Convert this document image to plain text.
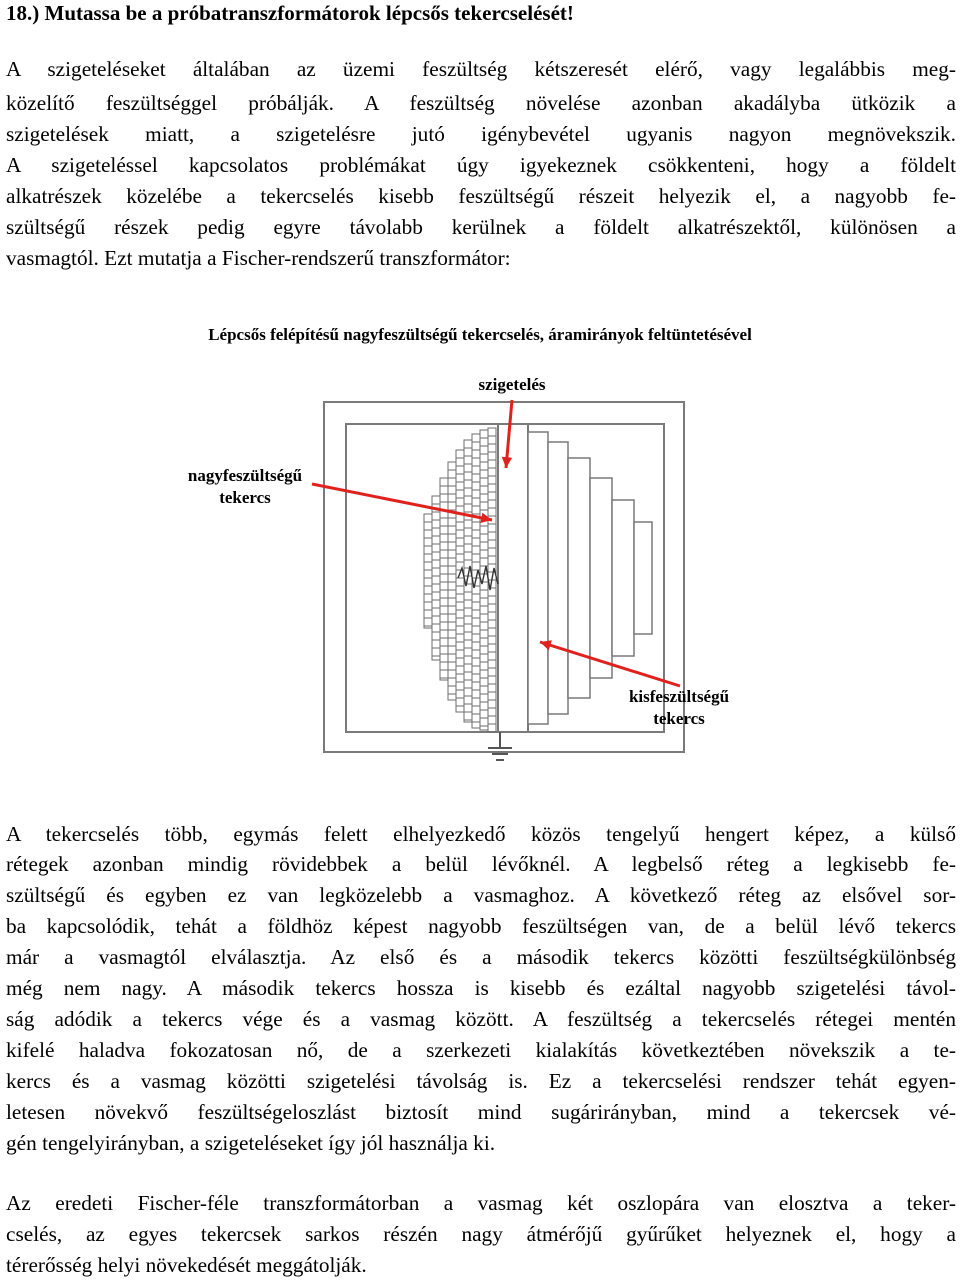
18.) Mutassa be a próbatranszformátorok lépcsős tekercselését!
A szigeteléseket általában az üzemi feszültség kétszeresét elérő, vagy legalábbis meg-
közelítő feszültséggel próbálják. A feszültség növelése azonban akadályba ütközik a
szigetelések miatt, a szigetelésre jutó igénybevétel ugyanis nagyon megnövekszik.
A szigeteléssel kapcsolatos problémákat úgy igyekeznek csökkenteni, hogy a földelt
alkatrészek közelébe a tekercselés kisebb feszültségű részeit helyezik el, a nagyobb fe-
szültségű részek pedig egyre távolabb kerülnek a földelt alkatrészektől, különösen a
vasmagtól. Ezt mutatja a Fischer-rendszerű transzformátor:
Lépcsős felépítésű nagyfeszültségű tekercselés, áramirányok feltüntetésével
szigetelés
nagyfeszültségű
tekercs
kisfeszültségű
tekercs
A tekercselés több, egymás felett elhelyezkedő közös tengelyű hengert képez, a külső
rétegek azonban mindig rövidebbek a belül lévőknél. A legbelső réteg a legkisebb fe-
szültségű és egyben ez van legközelebb a vasmaghoz. A következő réteg az elsővel sor-
ba kapcsolódik, tehát a földhöz képest nagyobb feszültségen van, de a belül lévő tekercs
már a vasmagtól elválasztja. Az első és a második tekercs közötti feszültségkülönbség
még nem nagy. A második tekercs hossza is kisebb és ezáltal nagyobb szigetelési távol-
ság adódik a tekercs vége és a vasmag között. A feszültség a tekercselés rétegei mentén
kifelé haladva fokozatosan nő, de a szerkezeti kialakítás következtében növekszik a te-
kercs és a vasmag közötti szigetelési távolság is. Ez a tekercselési rendszer tehát egyen-
letesen növekvő feszültségeloszlást biztosít mind sugárirányban, mind a tekercsek vé-
gén tengelyirányban, a szigeteléseket így jól használja ki.
Az eredeti Fischer-féle transzformátorban a vasmag két oszlopára van elosztva a teker-
cselés, az egyes tekercsek sarkos részén nagy átmérőjű gyűrűket helyeznek el, hogy a
térerősség helyi növekedését meggátolják.
